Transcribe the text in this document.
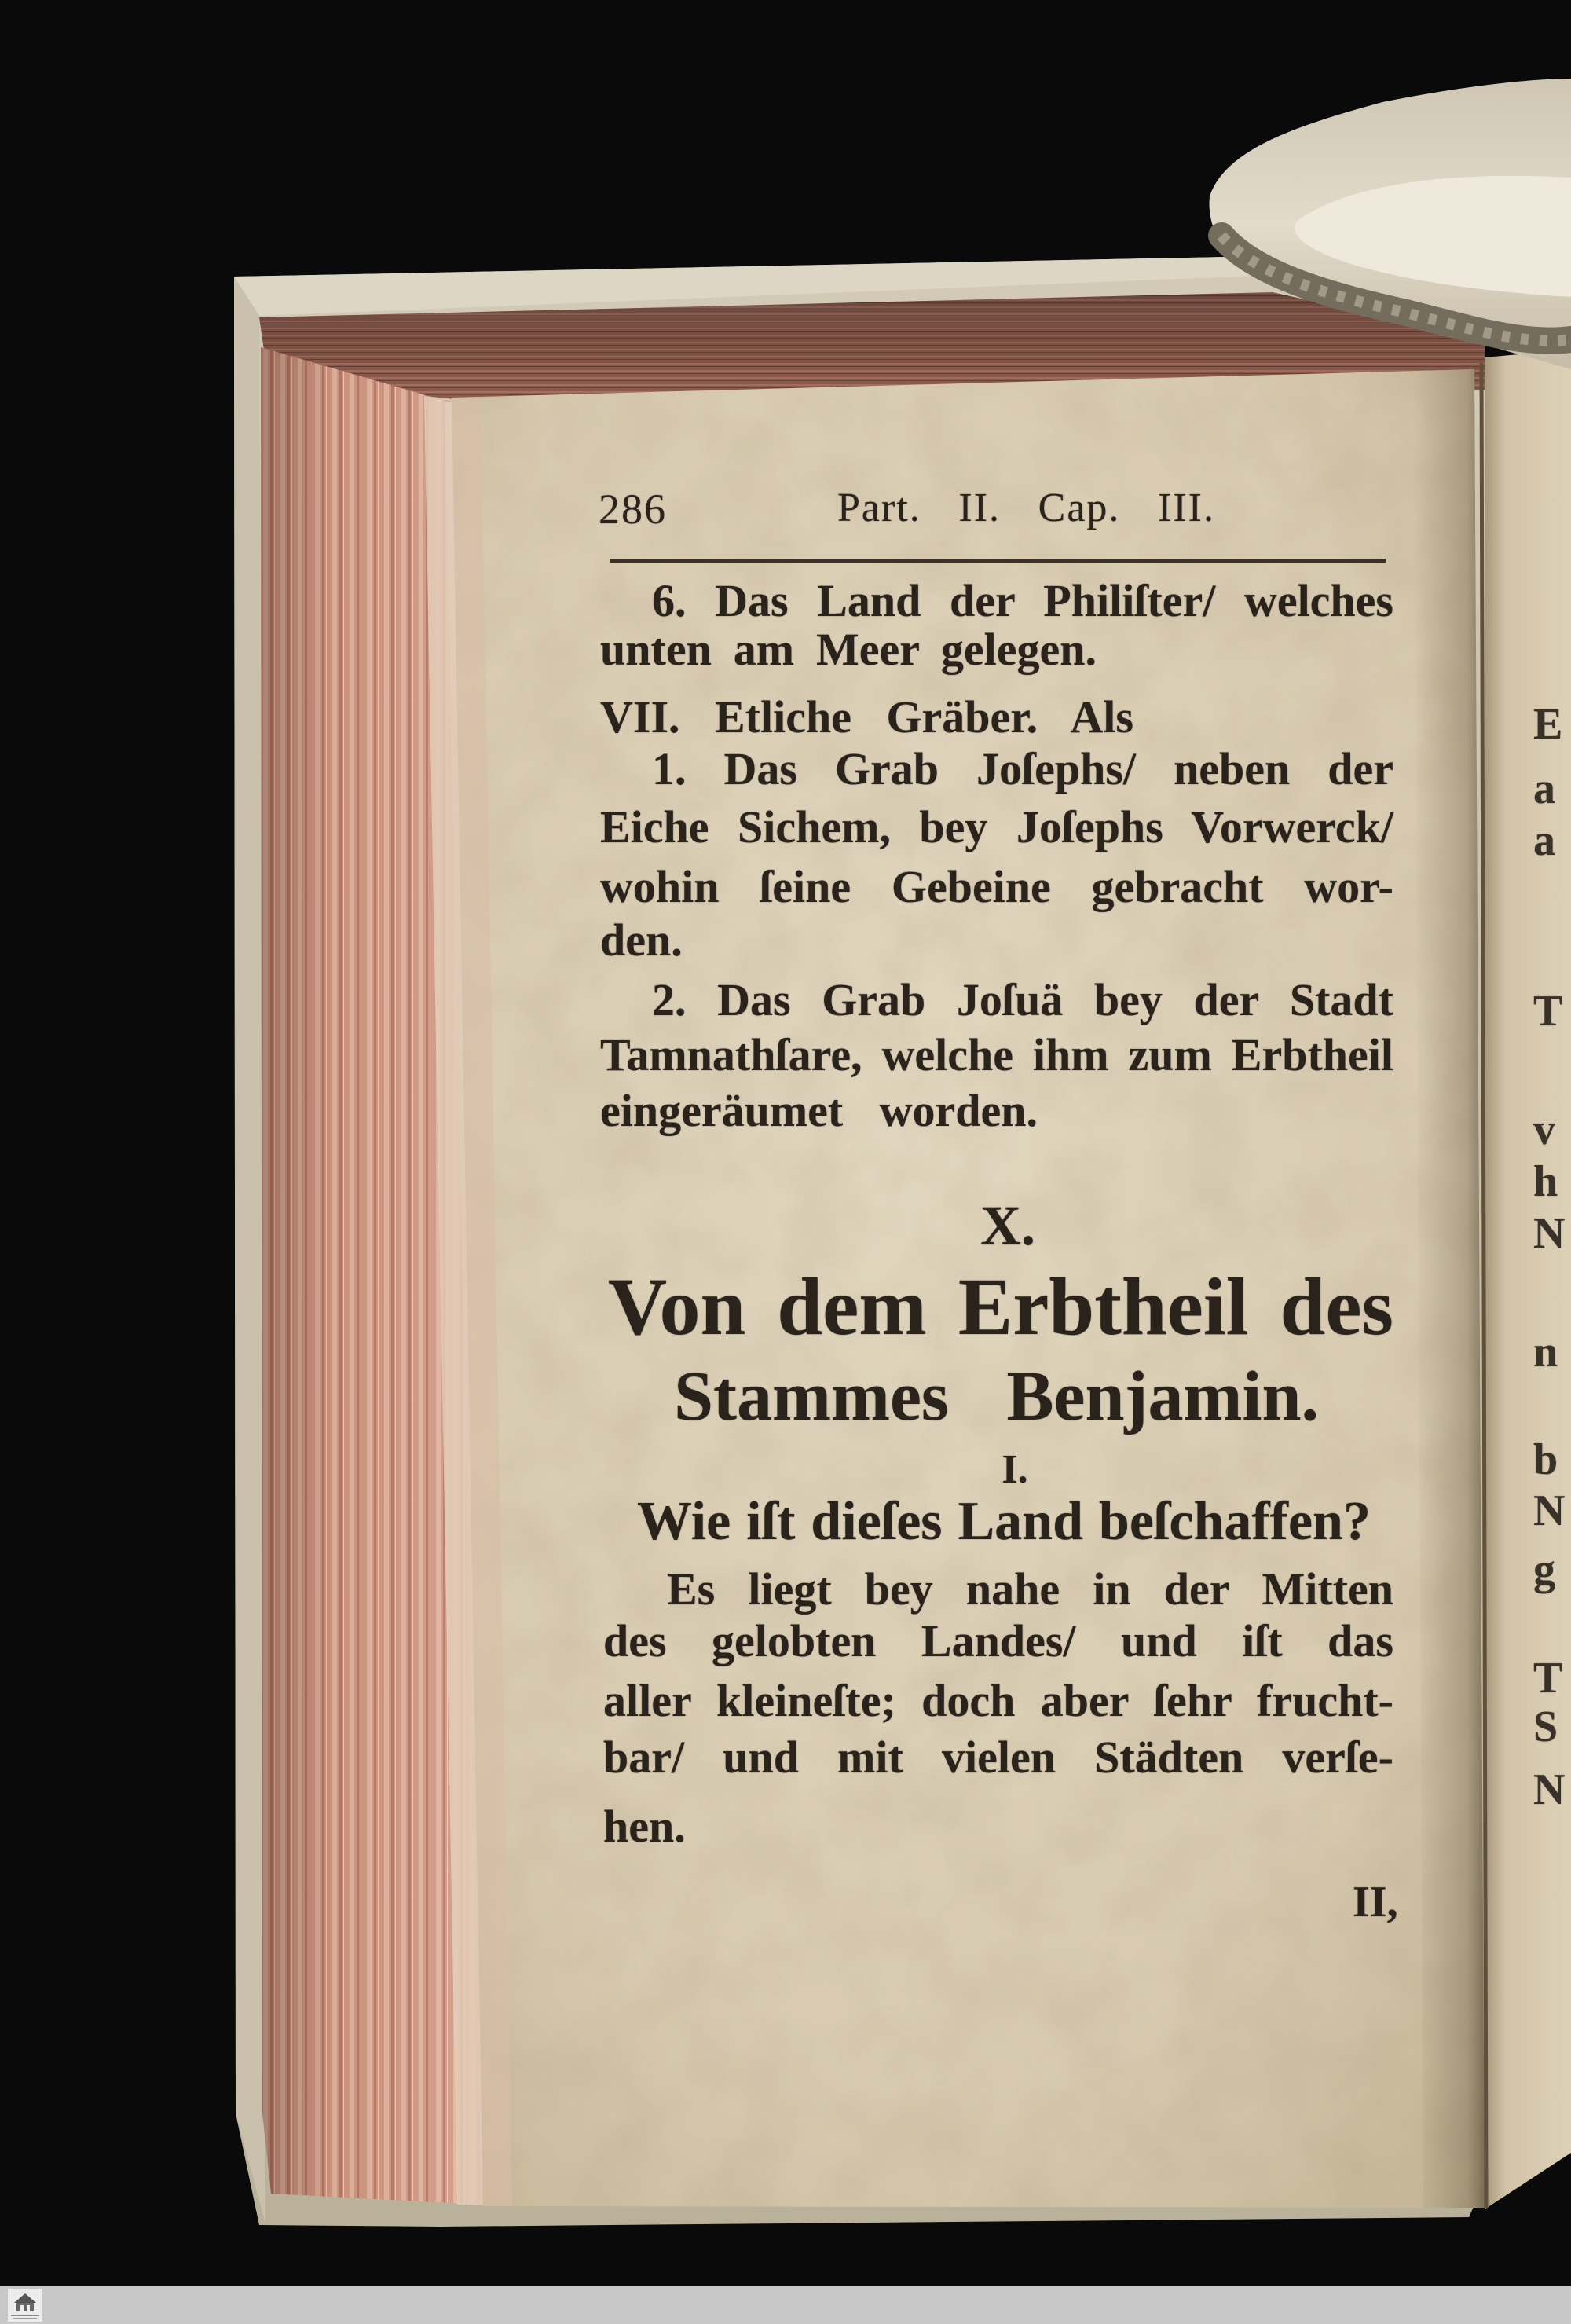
286	Part. II. Cap. III.
6. Das Land der Philiſter/ welches
unten am Meer gelegen.
VII. Etliche Gräber. Als
1. Das Grab Joſephs/ neben der
Eiche Sichem, bey Joſephs Vorwerck/
wohin ſeine Gebeine gebracht wor-
den.
2. Das Grab Joſuä bey der Stadt
Tamnathſare, welche ihm zum Erbtheil
eingeräumet worden.
X.
Von dem Erbtheil des
Stammes Benjamin.
I.
Wie iſt dieſes Land beſchaffen?
Es liegt bey nahe in der Mitten
des gelobten Landes/ und iſt das
aller kleineſte; doch aber ſehr frucht-
bar/ und mit vielen Städten verſe-
hen.
II,
E
a
a
T
v
h
N
n
b
N
g
T
S
N
